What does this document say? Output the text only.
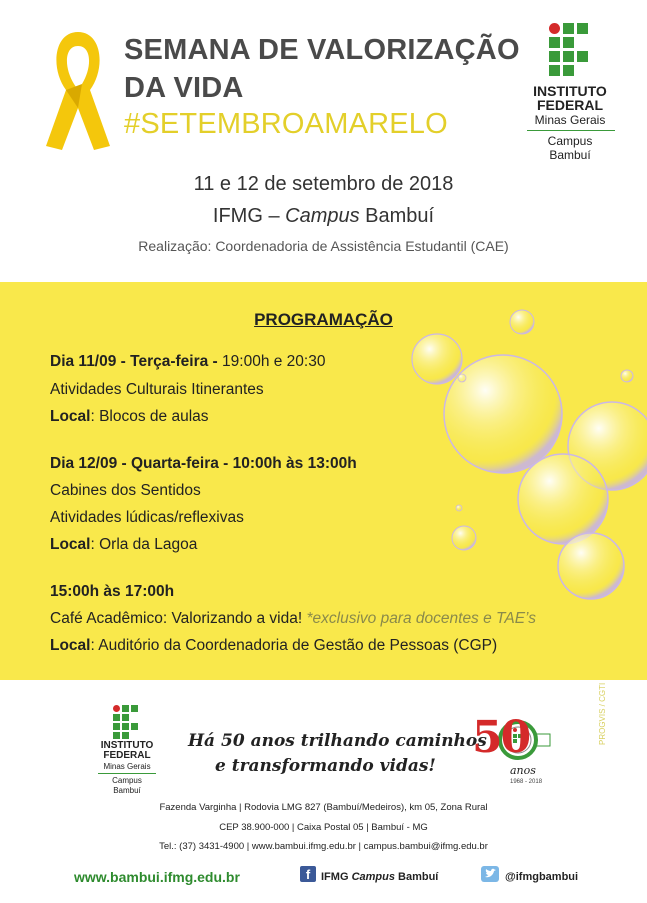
SEMANA DE VALORIZAÇÃO
DA VIDA
#SETEMBROAMARELO
INSTITUTO
FEDERAL
Minas Gerais
Campus
Bambuí
11 e 12 de setembro de 2018
IFMG – Campus Bambuí
Realização: Coordenadoria de Assistência Estudantil (CAE)
PROGRAMAÇÃO
Dia 11/09 - Terça-feira - 19:00h e 20:30
Atividades Culturais Itinerantes
Local: Blocos de aulas
Dia 12/09 - Quarta-feira - 10:00h às 13:00h
Cabines dos Sentidos
Atividades lúdicas/reflexivas
Local: Orla da Lagoa
15:00h às 17:00h
Café Acadêmico: Valorizando a vida! *exclusivo para docentes e TAE’s
Local: Auditório da Coordenadoria de Gestão de Pessoas (CGP)
INSTITUTO
FEDERAL
Minas Gerais
Campus
Bambuí
Há 50 anos trilhando caminhos
e transformando vidas!
50
anos
1968 - 2018
Fazenda Varginha | Rodovia LMG 827 (Bambuí/Medeiros), km 05, Zona Rural
CEP 38.900-000 | Caixa Postal 05 | Bambuí - MG
Tel.: (37) 3431-4900 | www.bambui.ifmg.edu.br | campus.bambui@ifmg.edu.br
www.bambui.ifmg.edu.br	f IFMG Campus Bambuí	@ifmgbambui
PROGVIS / CGTI
